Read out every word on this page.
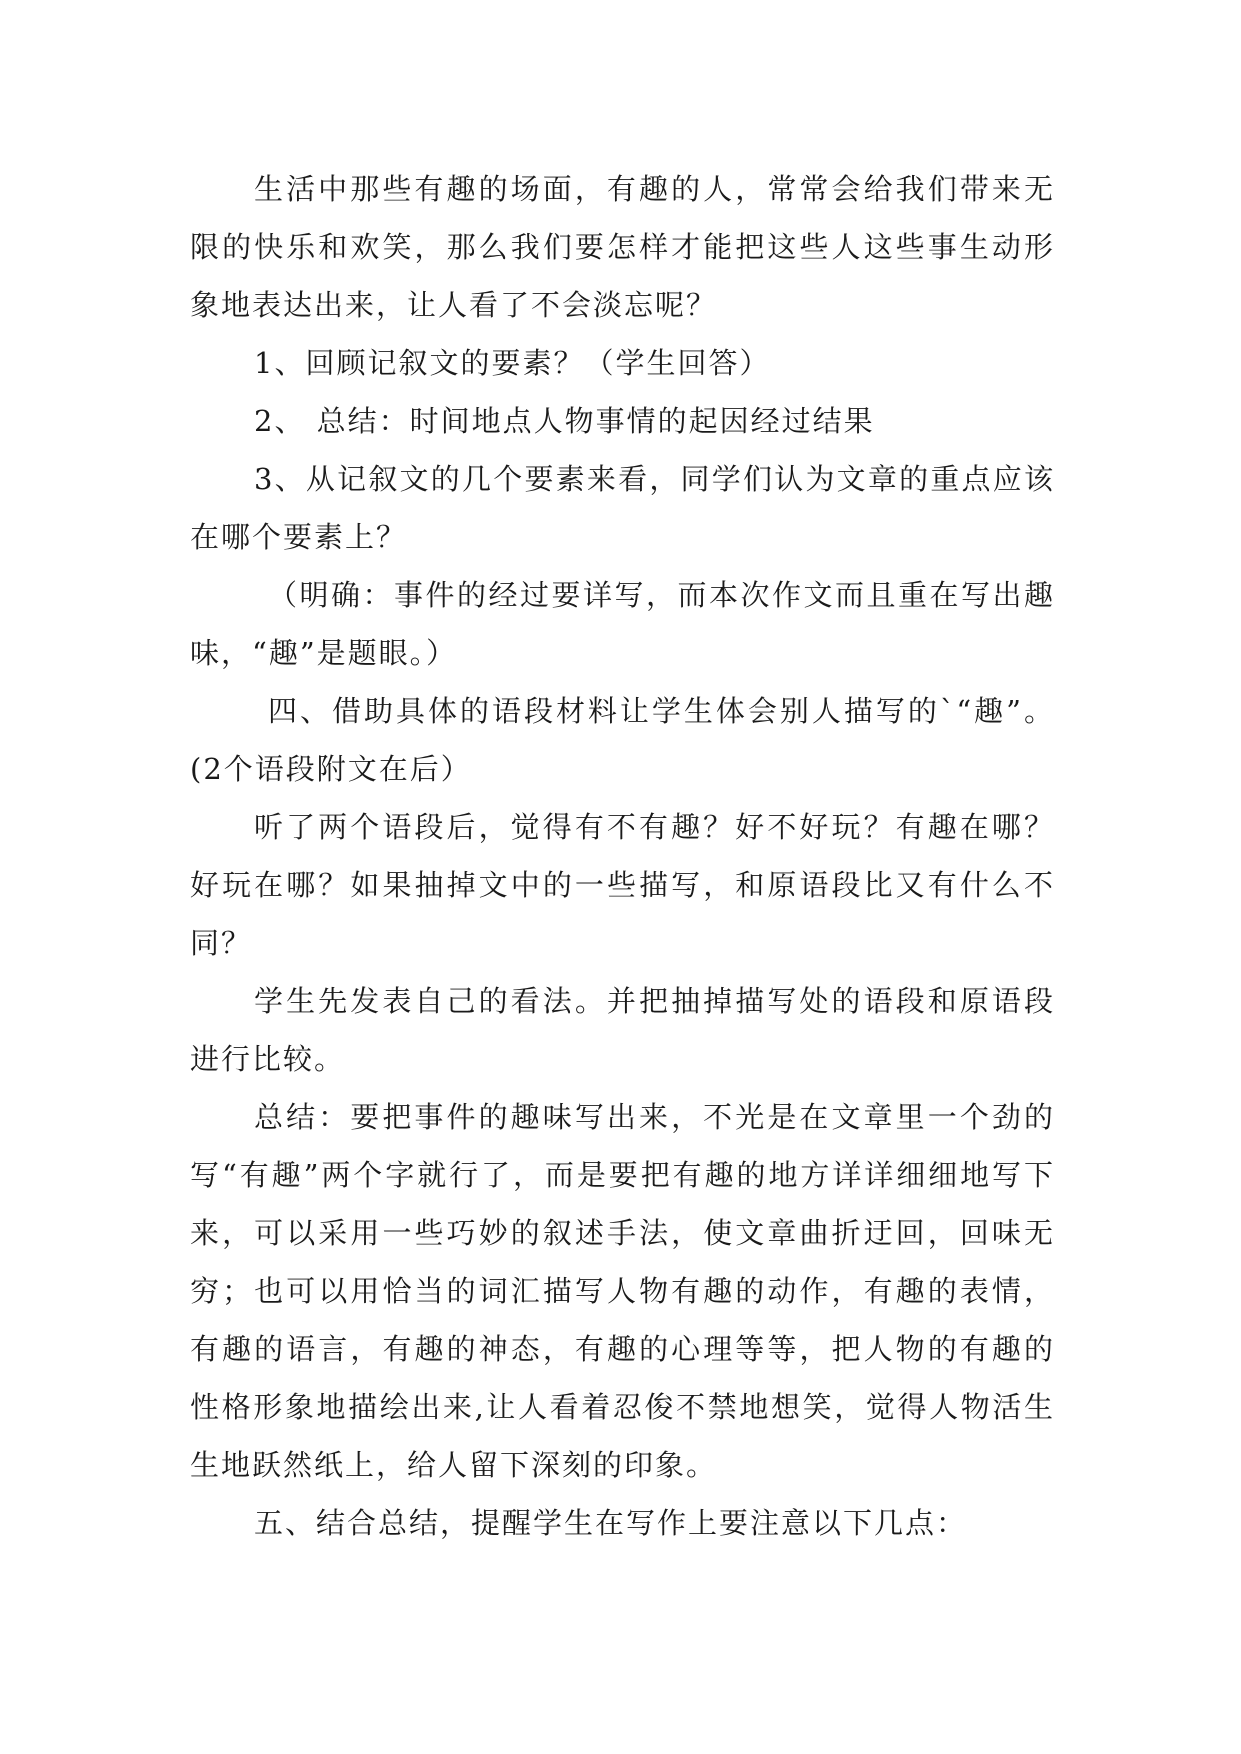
生活中那些有趣的场面，有趣的人，常常会给我们带来无限的快乐和欢笑，那么我们要怎样才能把这些人这些事生动形象地表达出来，让人看了不会淡忘呢？

1、回顾记叙文的要素？（学生回答）

2、 总结：时间地点人物事情的起因经过结果

3、从记叙文的几个要素来看，同学们认为文章的重点应该在哪个要素上？

（明确：事件的经过要详写，而本次作文而且重在写出趣味，“趣”是题眼。）

四、借助具体的语段材料让学生体会别人描写的`“趣”。(2个语段附文在后）

听了两个语段后，觉得有不有趣？好不好玩？有趣在哪？好玩在哪？如果抽掉文中的一些描写，和原语段比又有什么不同？

学生先发表自己的看法。并把抽掉描写处的语段和原语段进行比较。

总结：要把事件的趣味写出来，不光是在文章里一个劲的写“有趣”两个字就行了，而是要把有趣的地方详详细细地写下来，可以采用一些巧妙的叙述手法，使文章曲折迂回，回味无穷；也可以用恰当的词汇描写人物有趣的动作，有趣的表情，有趣的语言，有趣的神态，有趣的心理等等，把人物的有趣的性格形象地描绘出来,让人看着忍俊不禁地想笑，觉得人物活生生地跃然纸上，给人留下深刻的印象。

五、结合总结，提醒学生在写作上要注意以下几点：
